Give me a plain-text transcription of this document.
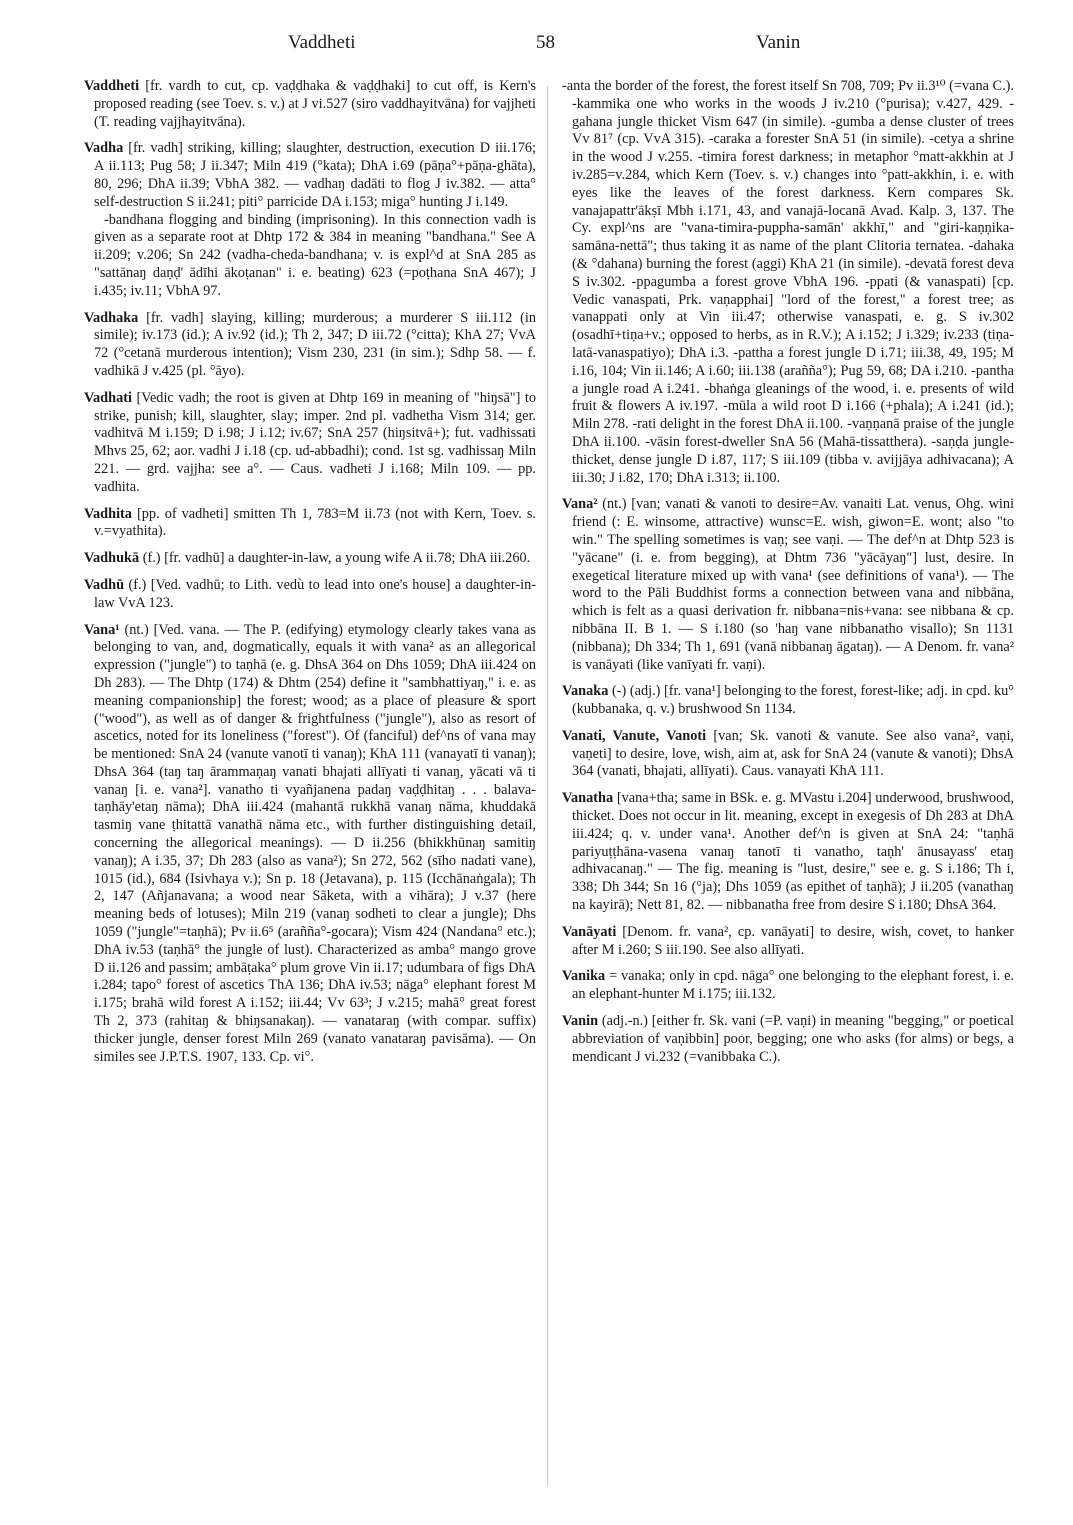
Vaddheti	58	Vanin

Vaddheti [fr. vardh to cut, cp. vaḍḍhaka & vaḍḍhaki] to cut off, is Kern's proposed reading (see Toev. s. v.) at J vi.527 (siro vaddhayitvāna) for vajjheti (T. reading vajjhayitvāna).

Vadha [fr. vadh] striking, killing; slaughter, destruction, execution D iii.176; A ii.113; Pug 58; J ii.347; Miln 419 (°kata); DhA i.69 (pāṇa°+pāṇa-ghāta), 80, 296; DhA ii.39; VbhA 382. — vadhaŋ dadāti to flog J iv.382. — atta° self-destruction S ii.241; piti° parricide DA i.153; miga° hunting J i.149.

-bandhana flogging and binding (imprisoning). In this connection vadh is given as a separate root at Dhtp 172 & 384 in meaning "bandhana." See A ii.209; v.206; Sn 242 (vadha-cheda-bandhana; v. is expl^d at SnA 285 as "sattānaŋ daṇḍ' ādīhi ākoṭanan" i. e. beating) 623 (=poṭhana SnA 467); J i.435; iv.11; VbhA 97.

Vadhaka [fr. vadh] slaying, killing; murderous; a murderer S iii.112 (in simile); iv.173 (id.); A iv.92 (id.); Th 2, 347; D iii.72 (°citta); KhA 27; VvA 72 (°cetanā murderous intention); Vism 230, 231 (in sim.); Sdhp 58. — f. vadhikā J v.425 (pl. °āyo).

Vadhati [Vedic vadh; the root is given at Dhtp 169 in meaning of "hiŋsā"] to strike, punish; kill, slaughter, slay; imper. 2nd pl. vadhetha Vism 314; ger. vadhitvā M i.159; D i.98; J i.12; iv.67; SnA 257 (hiŋsitvā+); fut. vadhissati Mhvs 25, 62; aor. vadhi J i.18 (cp. ud-abbadhi); cond. 1st sg. vadhissaŋ Miln 221. — grd. vajjha: see a°. — Caus. vadheti J i.168; Miln 109. — pp. vadhita.

Vadhita [pp. of vadheti] smitten Th 1, 783=M ii.73 (not with Kern, Toev. s. v.=vyathita).

Vadhukā (f.) [fr. vadhū] a daughter-in-law, a young wife A ii.78; DhA iii.260.

Vadhū (f.) [Ved. vadhū; to Lith. vedù to lead into one's house] a daughter-in-law VvA 123.

Vana¹ (nt.) [Ved. vana. — The P. (edifying) etymology clearly takes vana as belonging to van, and, dogmatically, equals it with vana² as an allegorical expression ("jungle") to taṇhā (e. g. DhsA 364 on Dhs 1059; DhA iii.424 on Dh 283). — The Dhtp (174) & Dhtm (254) define it "sambhattiyaŋ," i. e. as meaning companionship] the forest; wood; as a place of pleasure & sport ("wood"), as well as of danger & frightfulness ("jungle"), also as resort of ascetics, noted for its loneliness ("forest"). Of (fanciful) def^ns of vana may be mentioned: SnA 24 (vanute vanotī ti vanaŋ); KhA 111 (vanayatī ti vanaŋ); DhsA 364 (taŋ taŋ ārammaṇaŋ vanati bhajati allīyati ti vanaŋ, yācati vā ti vanaŋ [i. e. vana²]. vanatho ti vyañjanena padaŋ vaḍḍhitaŋ . . . balava-taṇhāy'etaŋ nāma); DhA iii.424 (mahantā rukkhā vanaŋ nāma, khuddakā tasmiŋ vane ṭhitattā vanathā nāma etc., with further distinguishing detail, concerning the allegorical meanings). — D ii.256 (bhikkhūnaŋ samitiŋ vanaŋ); A i.35, 37; Dh 283 (also as vana²); Sn 272, 562 (sīho nadati vane), 1015 (id.), 684 (Isivhaya v.); Sn p. 18 (Jetavana), p. 115 (Icchānaṅgala); Th 2, 147 (Añjanavana; a wood near Sāketa, with a vihāra); J v.37 (here meaning beds of lotuses); Miln 219 (vanaŋ sodheti to clear a jungle); Dhs 1059 ("jungle"=taṇhā); Pv ii.6⁵ (arañña°-gocara); Vism 424 (Nandana° etc.); DhA iv.53 (taṇhā° the jungle of lust). Characterized as amba° mango grove D ii.126 and passim; ambāṭaka° plum grove Vin ii.17; udumbara of figs DhA i.284; tapo° forest of ascetics ThA 136; DhA iv.53; nāga° elephant forest M i.175; brahā wild forest A i.152; iii.44; Vv 63³; J v.215; mahā° great forest Th 2, 373 (rahitaŋ & bhiŋsanakaŋ). — vanataraŋ (with compar. suffix) thicker jungle, denser forest Miln 269 (vanato vanataraŋ pavisāma). — On similes see J.P.T.S. 1907, 133. Cp. vi°.

-anta the border of the forest, the forest itself Sn 708, 709; Pv ii.3¹⁰ (=vana C.). -kammika one who works in the woods J iv.210 (°purisa); v.427, 429. -gahana jungle thicket Vism 647 (in simile). -gumba a dense cluster of trees Vv 81⁷ (cp. VvA 315). -caraka a forester SnA 51 (in simile). -cetya a shrine in the wood J v.255. -timira forest darkness; in metaphor °matt-akkhin at J iv.285=v.284, which Kern (Toev. s. v.) changes into °patt-akkhin, i. e. with eyes like the leaves of the forest darkness. Kern compares Sk. vanajapattr'ākṣī Mbh i.171, 43, and vanajā-locanā Avad. Kalp. 3, 137. The Cy. expl^ns are "vana-timira-puppha-samān' akkhī," and "giri-kaṇṇika-samāna-nettā"; thus taking it as name of the plant Clitoria ternatea. -dahaka (& °dahana) burning the forest (aggi) KhA 21 (in simile). -devatā forest deva S iv.302. -ppagumba a forest grove VbhA 196. -ppati (& vanaspati) [cp. Vedic vanaspati, Prk. vaṇapphai] "lord of the forest," a forest tree; as vanappati only at Vin iii.47; otherwise vanaspati, e. g. S iv.302 (osadhī+tiṇa+v.; opposed to herbs, as in R.V.); A i.152; J i.329; iv.233 (tiṇa-latā-vanaspatiyo); DhA i.3. -pattha a forest jungle D i.71; iii.38, 49, 195; M i.16, 104; Vin ii.146; A i.60; iii.138 (arañña°); Pug 59, 68; DA i.210. -pantha a jungle road A i.241. -bhaṅga gleanings of the wood, i. e. presents of wild fruit & flowers A iv.197. -mūla a wild root D i.166 (+phala); A i.241 (id.); Miln 278. -rati delight in the forest DhA ii.100. -vaṇṇanā praise of the jungle DhA ii.100. -vāsin forest-dweller SnA 56 (Mahā-tissatthera). -saṇḍa jungle-thicket, dense jungle D i.87, 117; S iii.109 (tibba v. avijjāya adhivacana); A iii.30; J i.82, 170; DhA i.313; ii.100.

Vana² (nt.) [van; vanati & vanoti to desire=Av. vanaiti Lat. venus, Ohg. wini friend (: E. winsome, attractive) wunsc=E. wish, giwon=E. wont; also "to win." The spelling sometimes is vaṇ; see vaṇi. — The def^n at Dhtp 523 is "yācane" (i. e. from begging), at Dhtm 736 "yācāyaŋ"] lust, desire. In exegetical literature mixed up with vana¹ (see definitions of vana¹). — The word to the Pāli Buddhist forms a connection between vana and nibbāna, which is felt as a quasi derivation fr. nibbana=nis+vana: see nibbana & cp. nibbāna II. B 1. — S i.180 (so 'haŋ vane nibbanatho visallo); Sn 1131 (nibbana); Dh 334; Th 1, 691 (vanā nibbanaŋ āgataŋ). — A Denom. fr. vana² is vanāyati (like vanīyati fr. vaṇi).

Vanaka (-) (adj.) [fr. vana¹] belonging to the forest, forest-like; adj. in cpd. ku° (kubbanaka, q. v.) brushwood Sn 1134.

Vanati, Vanute, Vanoti [van; Sk. vanoti & vanute. See also vana², vaṇi, vaṇeti] to desire, love, wish, aim at, ask for SnA 24 (vanute & vanoti); DhsA 364 (vanati, bhajati, allīyati). Caus. vanayati KhA 111.

Vanatha [vana+tha; same in BSk. e. g. MVastu i.204] underwood, brushwood, thicket. Does not occur in lit. meaning, except in exegesis of Dh 283 at DhA iii.424; q. v. under vana¹. Another def^n is given at SnA 24: "taṇhā pariyuṭṭhāna-vasena vanaŋ tanotī ti vanatho, taṇh' ānusayass' etaŋ adhivacanaŋ." — The fig. meaning is "lust, desire," see e. g. S i.186; Th i, 338; Dh 344; Sn 16 (°ja); Dhs 1059 (as epithet of taṇhā); J ii.205 (vanathaŋ na kayirā); Nett 81, 82. — nibbanatha free from desire S i.180; DhsA 364.

Vanāyati [Denom. fr. vana², cp. vanāyati] to desire, wish, covet, to hanker after M i.260; S iii.190. See also allīyati.

Vanika = vanaka; only in cpd. nāga° one belonging to the elephant forest, i. e. an elephant-hunter M i.175; iii.132.

Vanin (adj.-n.) [either fr. Sk. vani (=P. vaṇi) in meaning "begging," or poetical abbreviation of vaṇibbin] poor, begging; one who asks (for alms) or begs, a mendicant J vi.232 (=vanibbaka C.).
